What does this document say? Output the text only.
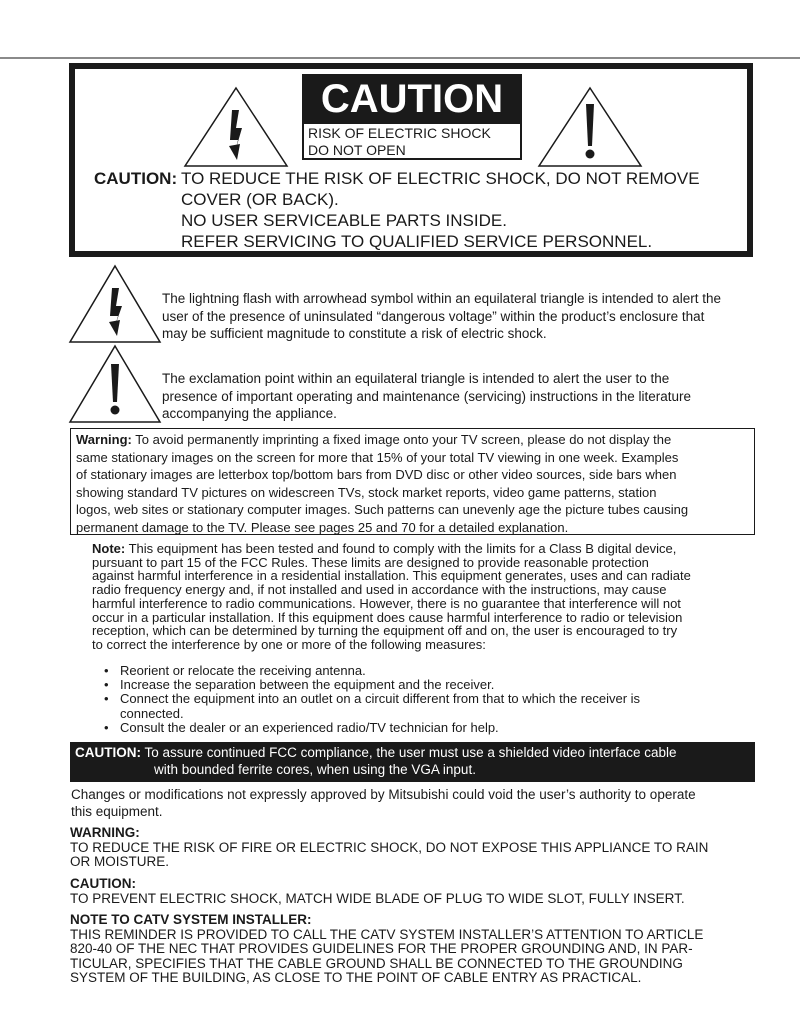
CAUTION
RISK OF ELECTRIC SHOCK
DO NOT OPEN
CAUTION: TO REDUCE THE RISK OF ELECTRIC SHOCK, DO NOT REMOVE
COVER (OR BACK).
NO USER SERVICEABLE PARTS INSIDE.
REFER SERVICING TO QUALIFIED SERVICE PERSONNEL.
The lightning flash with arrowhead symbol within an equilateral triangle is intended to alert the
user of the presence of uninsulated “dangerous voltage” within the product’s enclosure that
may be sufficient magnitude to constitute a risk of electric shock.
The exclamation point within an equilateral triangle is intended to alert the user to the
presence of important operating and maintenance (servicing) instructions in the literature
accompanying the appliance.
Warning: To avoid permanently imprinting a fixed image onto your TV screen, please do not display the
same stationary images on the screen for more that 15% of your total TV viewing in one week. Examples
of stationary images are letterbox top/bottom bars from DVD disc or other video sources, side bars when
showing standard TV pictures on widescreen TVs, stock market reports, video game patterns, station
logos, web sites or stationary computer images. Such patterns can unevenly age the picture tubes causing
permanent damage to the TV. Please see pages 25 and 70 for a detailed explanation.
Note: This equipment has been tested and found to comply with the limits for a Class B digital device,
pursuant to part 15 of the FCC Rules. These limits are designed to provide reasonable protection
against harmful interference in a residential installation. This equipment generates, uses and can radiate
radio frequency energy and, if not installed and used in accordance with the instructions, may cause
harmful interference to radio communications. However, there is no guarantee that interference will not
occur in a particular installation. If this equipment does cause harmful interference to radio or television
reception, which can be determined by turning the equipment off and on, the user is encouraged to try
to correct the interference by one or more of the following measures:
• Reorient or relocate the receiving antenna.
• Increase the separation between the equipment and the receiver.
• Connect the equipment into an outlet on a circuit different from that to which the receiver is
connected.
• Consult the dealer or an experienced radio/TV technician for help.
CAUTION: To assure continued FCC compliance, the user must use a shielded video interface cable
with bounded ferrite cores, when using the VGA input.
Changes or modifications not expressly approved by Mitsubishi could void the user’s authority to operate
this equipment.
WARNING:
TO REDUCE THE RISK OF FIRE OR ELECTRIC SHOCK, DO NOT EXPOSE THIS APPLIANCE TO RAIN
OR MOISTURE.
CAUTION:
TO PREVENT ELECTRIC SHOCK, MATCH WIDE BLADE OF PLUG TO WIDE SLOT, FULLY INSERT.
NOTE TO CATV SYSTEM INSTALLER:
THIS REMINDER IS PROVIDED TO CALL THE CATV SYSTEM INSTALLER’S ATTENTION TO ARTICLE
820-40 OF THE NEC THAT PROVIDES GUIDELINES FOR THE PROPER GROUNDING AND, IN PAR-
TICULAR, SPECIFIES THAT THE CABLE GROUND SHALL BE CONNECTED TO THE GROUNDING
SYSTEM OF THE BUILDING, AS CLOSE TO THE POINT OF CABLE ENTRY AS PRACTICAL.
